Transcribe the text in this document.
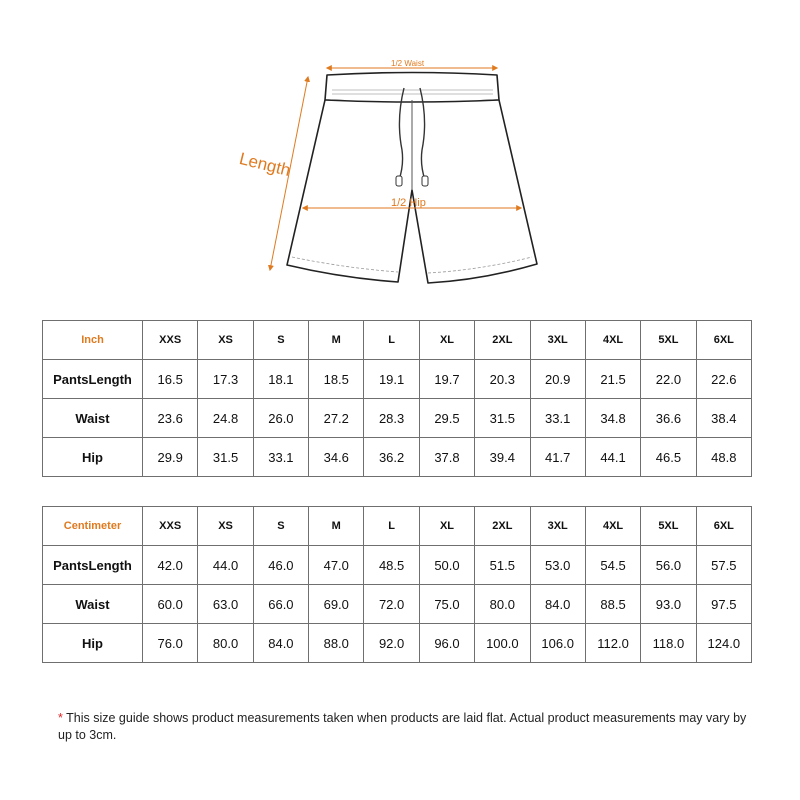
1/2 Waist
1/2 Hip
Length
Inch	XXS	XS	S	M	L	XL	2XL	3XL	4XL	5XL	6XL
PantsLength	16.5	17.3	18.1	18.5	19.1	19.7	20.3	20.9	21.5	22.0	22.6
Waist	23.6	24.8	26.0	27.2	28.3	29.5	31.5	33.1	34.8	36.6	38.4
Hip	29.9	31.5	33.1	34.6	36.2	37.8	39.4	41.7	44.1	46.5	48.8
Centimeter	XXS	XS	S	M	L	XL	2XL	3XL	4XL	5XL	6XL
PantsLength	42.0	44.0	46.0	47.0	48.5	50.0	51.5	53.0	54.5	56.0	57.5
Waist	60.0	63.0	66.0	69.0	72.0	75.0	80.0	84.0	88.5	93.0	97.5
Hip	76.0	80.0	84.0	88.0	92.0	96.0	100.0	106.0	112.0	118.0	124.0
* This size guide shows product measurements taken when products are laid flat. Actual product measurements may vary by up to 3cm.
